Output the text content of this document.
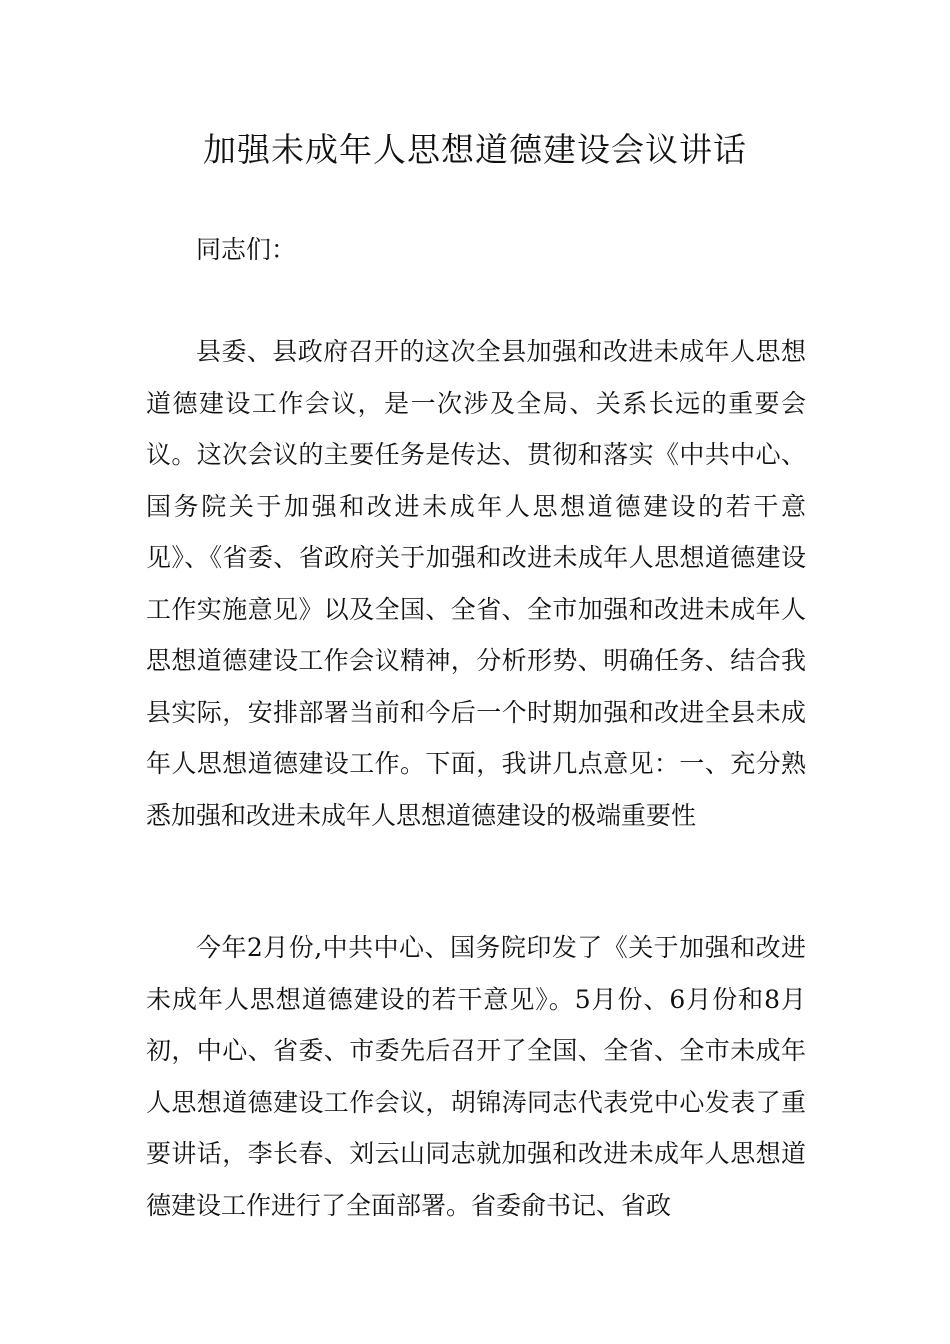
加强未成年人思想道德建设会议讲话

同志们：

县委、县政府召开的这次全县加强和改进未成年人思想道德建设工作会议，是一次涉及全局、关系长远的重要会议。这次会议的主要任务是传达、贯彻和落实《中共中心、国务院关于加强和改进未成年人思想道德建设的若干意见》、《省委、省政府关于加强和改进未成年人思想道德建设工作实施意见》以及全国、全省、全市加强和改进未成年人思想道德建设工作会议精神，分析形势、明确任务、结合我县实际，安排部署当前和今后一个时期加强和改进全县未成年人思想道德建设工作。下面，我讲几点意见：一、充分熟悉加强和改进未成年人思想道德建设的极端重要性

今年2月份,中共中心、国务院印发了《关于加强和改进未成年人思想道德建设的若干意见》。5月份、6月份和8月初，中心、省委、市委先后召开了全国、全省、全市未成年人思想道德建设工作会议，胡锦涛同志代表党中心发表了重要讲话，李长春、刘云山同志就加强和改进未成年人思想道德建设工作进行了全面部署。省委俞书记、省政
